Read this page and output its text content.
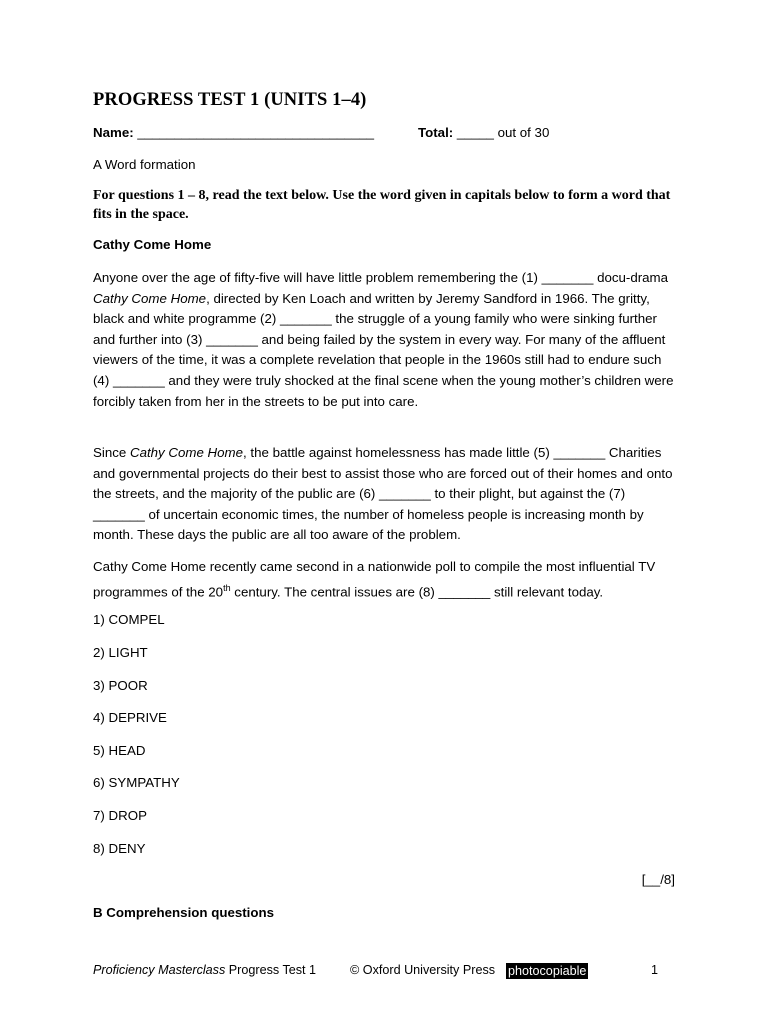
PROGRESS TEST 1 (UNITS 1–4)
Name: ________________________________	Total: _____ out of 30
A Word formation
For questions 1 – 8, read the text below. Use the word given in capitals below to form a word that fits in the space.
Cathy Come Home
Anyone over the age of fifty-five will have little problem remembering the (1) _______ docu-drama Cathy Come Home, directed by Ken Loach and written by Jeremy Sandford in 1966. The gritty, black and white programme (2) _______ the struggle of a young family who were sinking further and further into (3) _______ and being failed by the system in every way. For many of the affluent viewers of the time, it was a complete revelation that people in the 1960s still had to endure such (4) _______ and they were truly shocked at the final scene when the young mother’s children were forcibly taken from her in the streets to be put into care.
Since Cathy Come Home, the battle against homelessness has made little (5) _______ Charities and governmental projects do their best to assist those who are forced out of their homes and onto the streets, and the majority of the public are (6) _______ to their plight, but against the (7) _______ of uncertain economic times, the number of homeless people is increasing month by month. These days the public are all too aware of the problem.
Cathy Come Home recently came second in a nationwide poll to compile the most influential TV programmes of the 20th century. The central issues are (8) _______ still relevant today.
1) COMPEL
2) LIGHT
3) POOR
4) DEPRIVE
5) HEAD
6) SYMPATHY
7) DROP
8) DENY
[__/8]
B Comprehension questions
Proficiency Masterclass Progress Test 1	© Oxford University Press photocopiable	1
